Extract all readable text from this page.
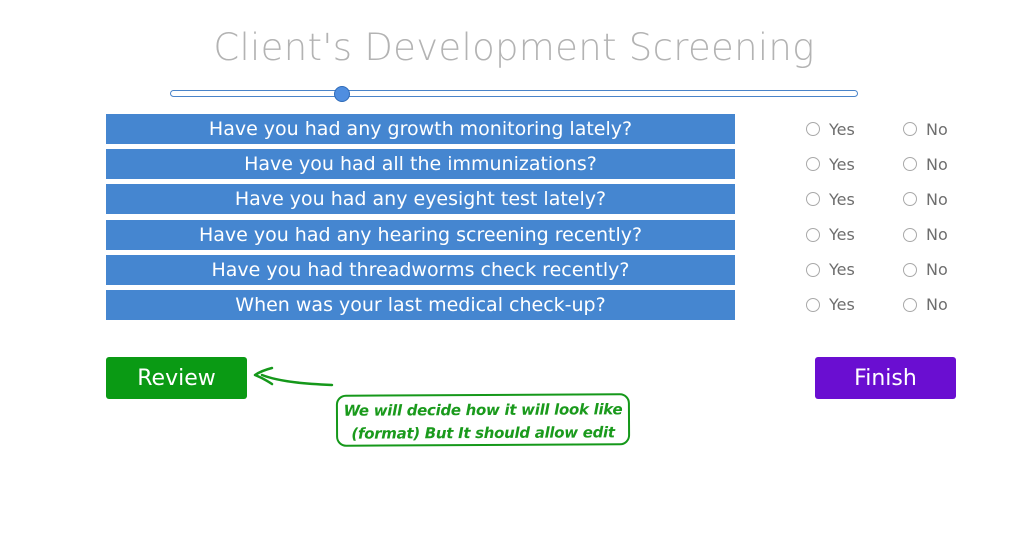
Client's Development Screening
Have you had any growth monitoring lately?	Yes	No
Have you had all the immunizations?	Yes	No
Have you had any eyesight test lately?	Yes	No
Have you had any hearing screening recently?	Yes	No
Have you had threadworms check recently?	Yes	No
When was your last medical check-up?	Yes	No
Review	Finish
We will decide how it will look like
(format) But It should allow edit
